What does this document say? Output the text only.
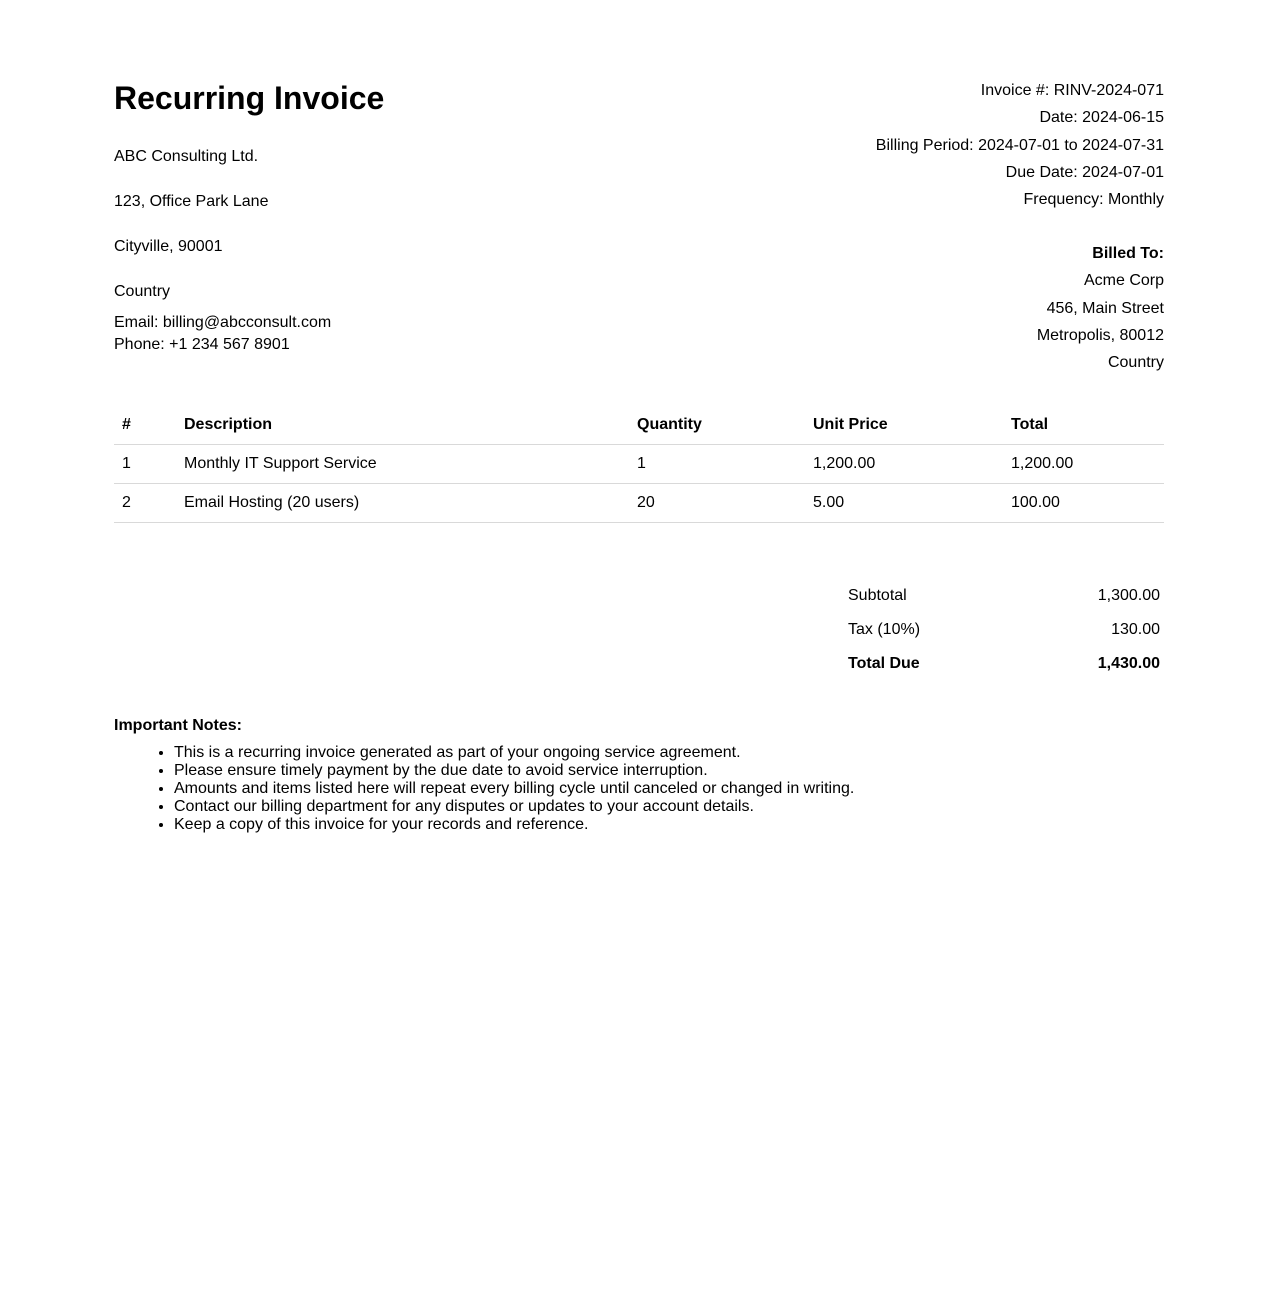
Recurring Invoice

ABC Consulting Ltd.

123, Office Park Lane

Cityville, 90001

Country

Email: billing@abcconsult.com

Phone: +1 234 567 8901

Invoice #: RINV-2024-071
Date: 2024-06-15
Billing Period: 2024-07-01 to 2024-07-31
Due Date: 2024-07-01
Frequency: Monthly
Billed To:
Acme Corp
456, Main Street
Metropolis, 80012
Country
#	Description	Quantity	Unit Price	Total
1	Monthly IT Support Service	1	1,200.00	1,200.00
2	Email Hosting (20 users)	20	5.00	100.00
Subtotal	1,300.00
Tax (10%)	130.00
Total Due	1,430.00

Important Notes:

• This is a recurring invoice generated as part of your ongoing service agreement.
• Please ensure timely payment by the due date to avoid service interruption.
• Amounts and items listed here will repeat every billing cycle until canceled or changed in writing.
• Contact our billing department for any disputes or updates to your account details.
• Keep a copy of this invoice for your records and reference.
